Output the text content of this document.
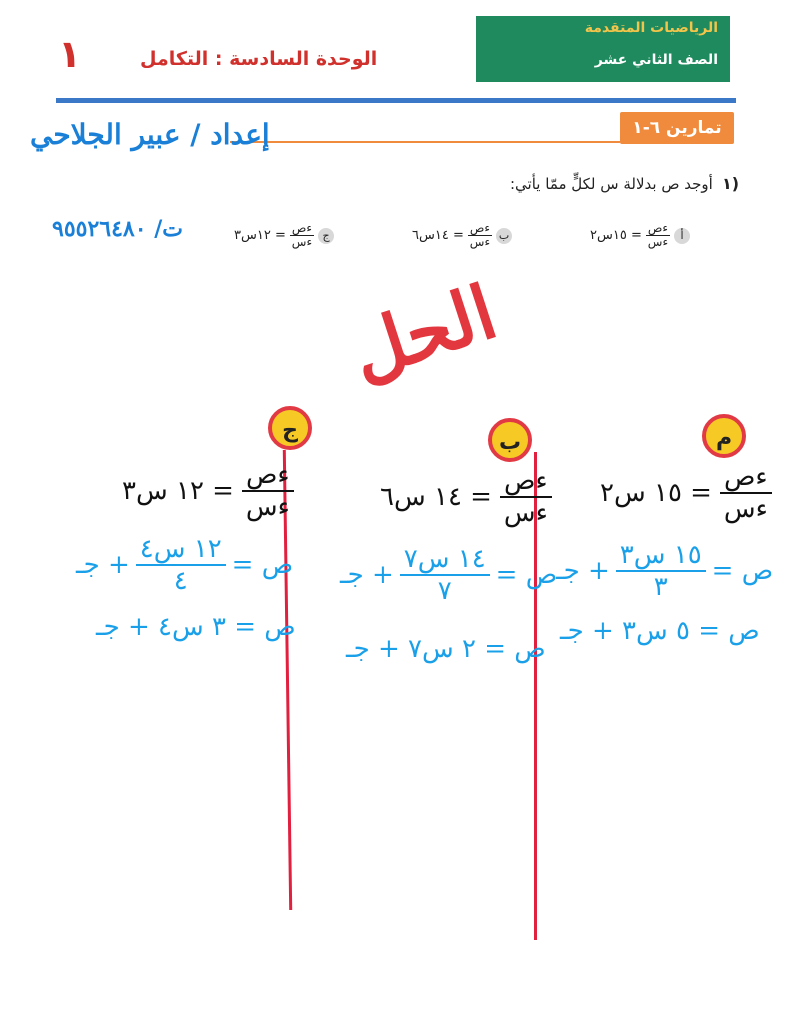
الرياضيات المتقدمة
الصف الثاني عشر
الوحدة السادسة : التكامل
١
تمارين ٦-١
إعداد / عبير الجلاحي
١)
أوجد ص بدلالة س لكلٍّ ممّا يأتي:
ت/ ٩٥٥٢٦٤٨٠	أ
$\frac{\text{ءص}}{\text{ءس}}$
= ١٥س٢
ب
$\frac{\text{ءص}}{\text{ءس}}$
= ١٤س٦
ج
$\frac{\text{ءص}}{\text{ءس}}$
= ١٢س٣
الحل
م
ب
ج
$\frac{\text{ءص}}{\text{ءس}}$
= ١٥ س٢
ص =
$\frac{\text{١٥ س٣}}{٣}$
+ جـ
ص = ٥ س٣ + جـ
$\frac{\text{ءص}}{\text{ءس}}$
= ١٤ س٦
ص =
$\frac{\text{١٤ س٧}}{٧}$
+ جـ
ص = ٢ س٧ + جـ
$\frac{\text{ءص}}{\text{ءس}}$
= ١٢ س٣
ص =
$\frac{\text{١٢ س٤}}{٤}$
+ جـ
ص = ٣ س٤ + جـ
